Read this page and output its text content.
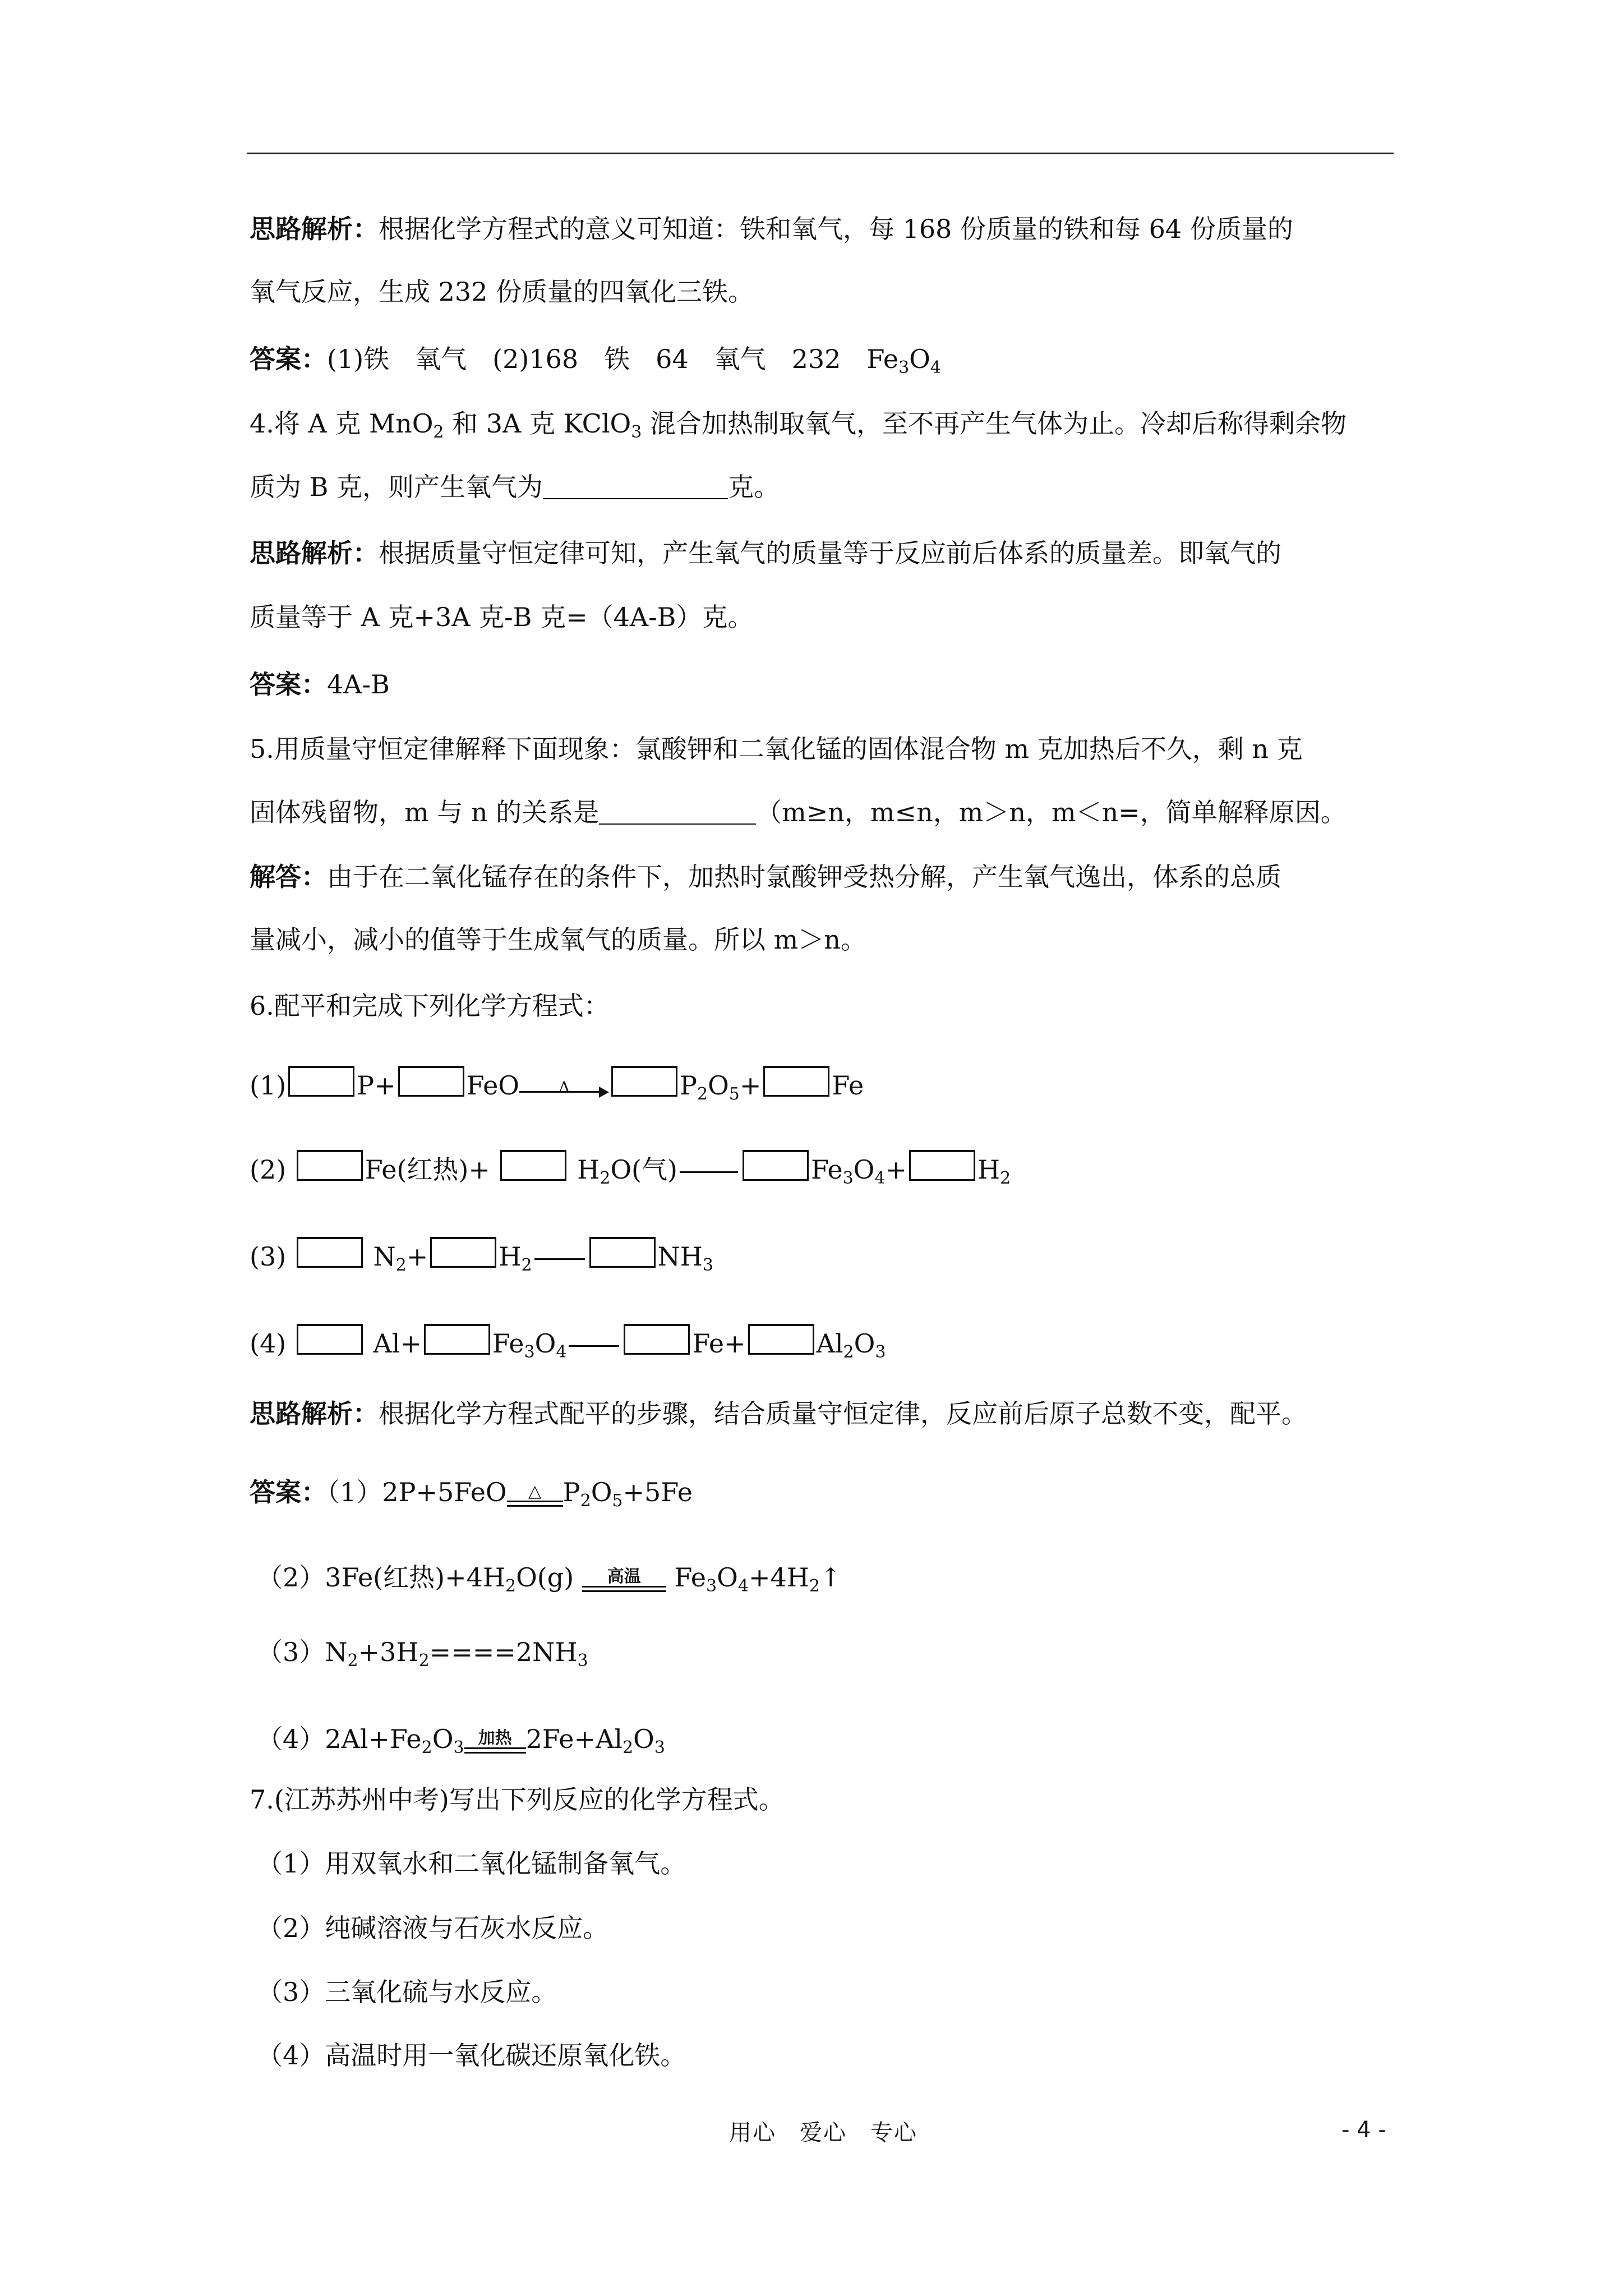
思路解析：根据化学方程式的意义可知道：铁和氧气，每 168 份质量的铁和每 64 份质量的
氧气反应，生成 232 份质量的四氧化三铁。
答案：(1)铁　氧气　(2)168　铁　64　氧气　232　$Fe_3O_4$
4.将 A 克 MnO$_2$ 和 3A 克 KClO$_3$ 混合加热制取氧气，至不再产生气体为止。冷却后称得剩余物
质为 B 克，则产生氧气为	克。
思路解析：根据质量守恒定律可知，产生氧气的质量等于反应前后体系的质量差。即氧气的
质量等于 A 克+3A 克-B 克=（4A-B）克。
答案：4A-B
5.用质量守恒定律解释下面现象：氯酸钾和二氧化锰的固体混合物 m 克加热后不久，剩 n 克
固体残留物，m 与 n 的关系是	（m≥n，m≤n，m＞n，m＜n=，简单解释原因。
解答：由于在二氧化锰存在的条件下，加热时氯酸钾受热分解，产生氧气逸出，体系的总质
量减小，减小的值等于生成氧气的质量。所以 m＞n。
6.配平和完成下列化学方程式：
(1)	P+	FeO	Δ	$P_2O_5+$	Fe
(2)	Fe(红热)+	$H_2O$(气)	$Fe_3O_4+$	$H_2$
(3)	$N_2+$	$H_2$	$NH_3$
(4)	Al+	$Fe_3O_4$	Fe+	$Al_2O_3$
思路解析：根据化学方程式配平的步骤，结合质量守恒定律，反应前后原子总数不变，配平。
答案：（1）2P+5FeO	△ $P_2O_5+5Fe$
（2）3Fe(红热)$+4H_2O(g)$	高温	$Fe_3O_4+4H_2↑$
$(3)N_2+3H_2====2NH_3$
$(4)2Al+Fe_2O_3$ 加热 $2Fe+Al_2O_3$
7.(江苏苏州中考)写出下列反应的化学方程式。
（1）用双氧水和二氧化锰制备氧气。
（2）纯碱溶液与石灰水反应。
（3）三氧化硫与水反应。
（4）高温时用一氧化碳还原氧化铁。
用心　爱心　专心	- 4 -
